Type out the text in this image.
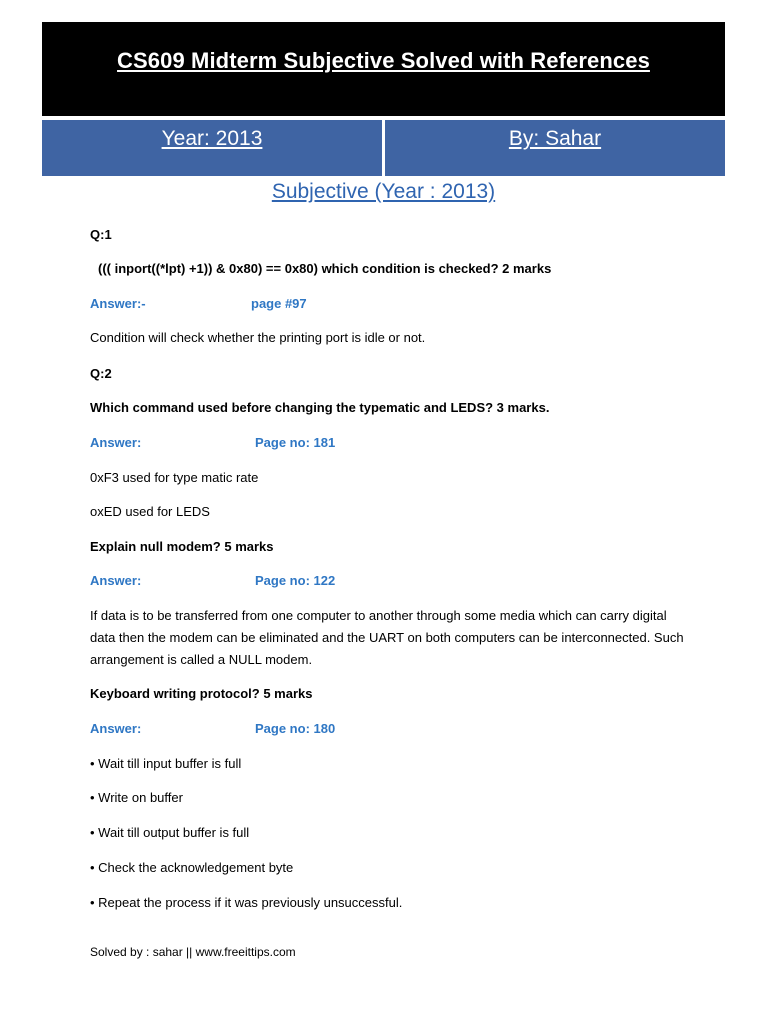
CS609 Midterm Subjective Solved with References
Year: 2013	By: Sahar
Subjective (Year : 2013)
Q:1
((( inport((*lpt) +1)) & 0x80) == 0x80) which condition is checked? 2 marks
Answer:-	page #97
Condition will check whether the printing port is idle or not.
Q:2
Which command used before changing the typematic and LEDS? 3 marks.
Answer:	Page no: 181
0xF3 used for type matic rate
oxED used for LEDS
Explain null modem? 5 marks
Answer:	Page no: 122
If data is to be transferred from one computer to another through some media which can carry digital data then the modem can be eliminated and the UART on both computers can be interconnected. Such arrangement is called a NULL modem.
Keyboard writing protocol? 5 marks
Answer:	Page no: 180
• Wait till input buffer is full
• Write on buffer
• Wait till output buffer is full
• Check the acknowledgement byte
• Repeat the process if it was previously unsuccessful.
Solved by : sahar || www.freeittips.com
